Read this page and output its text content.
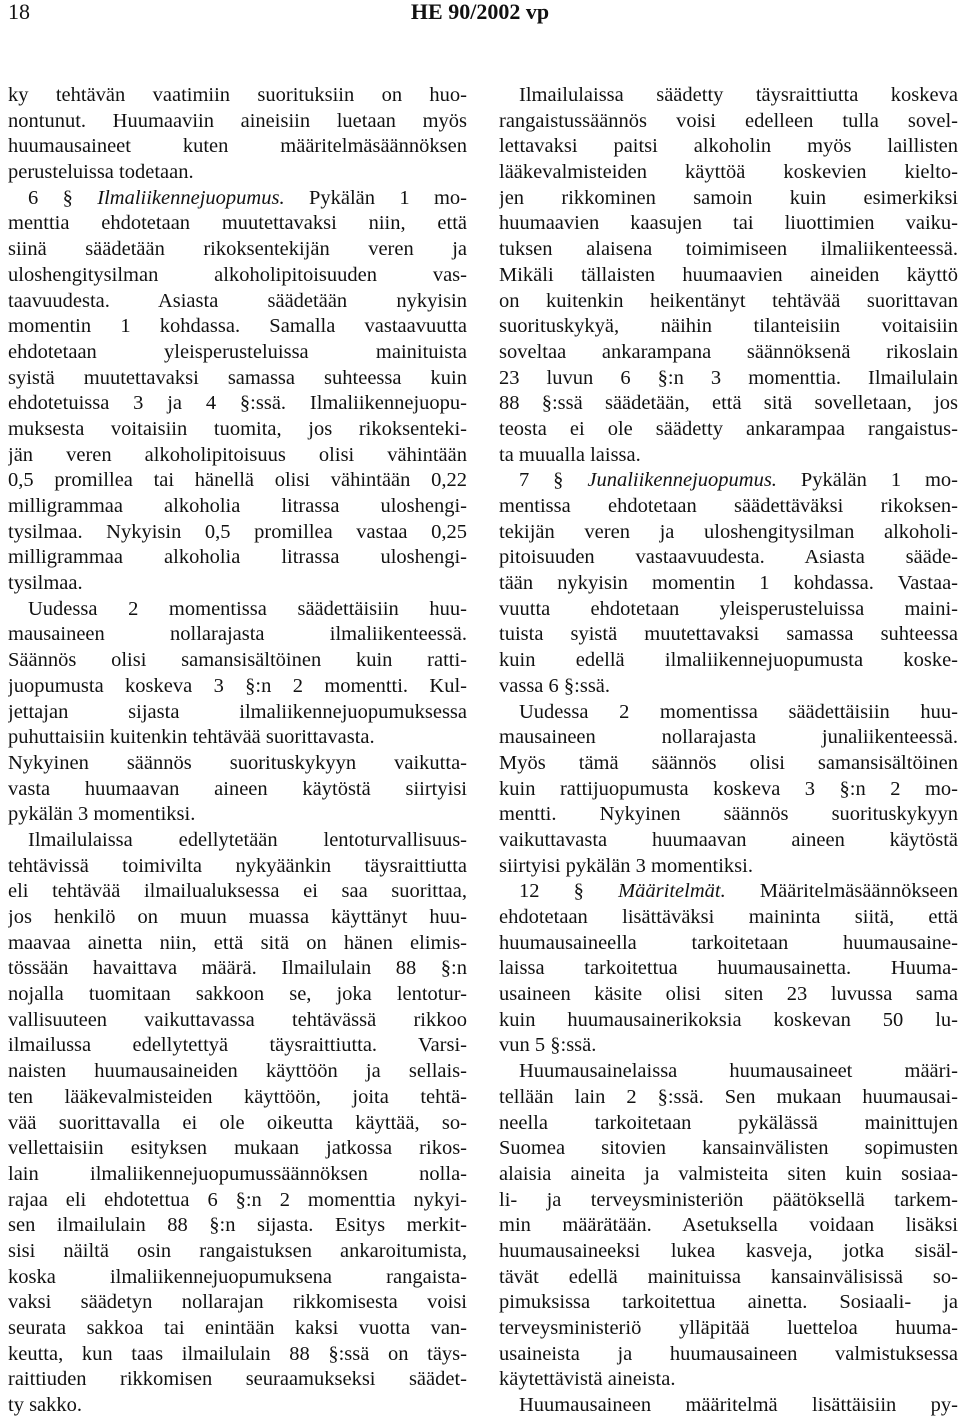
18	HE 90/2002 vp
ky tehtävän vaatimiin suorituksiin on huo-
nontunut. Huumaaviin aineisiin luetaan myös
huumausaineet kuten määritelmäsäännöksen
perusteluissa todetaan.
6 § Ilmaliikennejuopumus. Pykälän 1 mo-
menttia ehdotetaan muutettavaksi niin, että
siinä säädetään rikoksentekijän veren ja
uloshengitysilman alkoholipitoisuuden vas-
taavuudesta. Asiasta säädetään nykyisin
momentin 1 kohdassa. Samalla vastaavuutta
ehdotetaan yleisperusteluissa mainituista
syistä muutettavaksi samassa suhteessa kuin
ehdotetuissa 3 ja 4 §:ssä. Ilmaliikennejuopu-
muksesta voitaisiin tuomita, jos rikoksenteki-
jän veren alkoholipitoisuus olisi vähintään
0,5 promillea tai hänellä olisi vähintään 0,22
milligrammaa alkoholia litrassa uloshengi-
tysilmaa. Nykyisin 0,5 promillea vastaa 0,25
milligrammaa alkoholia litrassa uloshengi-
tysilmaa.
Uudessa 2 momentissa säädettäisiin huu-
mausaineen nollarajasta ilmaliikenteessä.
Säännös olisi samansisältöinen kuin ratti-
juopumusta koskeva 3 §:n 2 momentti. Kul-
jettajan sijasta ilmaliikennejuopumuksessa
puhuttaisiin kuitenkin tehtävää suorittavasta.
Nykyinen säännös suorituskykyyn vaikutta-
vasta huumaavan aineen käytöstä siirtyisi
pykälän 3 momentiksi.
Ilmailulaissa edellytetään lentoturvallisuus-
tehtävissä toimivilta nykyäänkin täysraittiutta
eli tehtävää ilmailualuksessa ei saa suorittaa,
jos henkilö on muun muassa käyttänyt huu-
maavaa ainetta niin, että sitä on hänen elimis-
tössään havaittava määrä. Ilmailulain 88 §:n
nojalla tuomitaan sakkoon se, joka lentotur-
vallisuuteen vaikuttavassa tehtävässä rikkoo
ilmailussa edellytettyä täysraittiutta. Varsi-
naisten huumausaineiden käyttöön ja sellais-
ten lääkevalmisteiden käyttöön, joita tehtä-
vää suorittavalla ei ole oikeutta käyttää, so-
vellettaisiin esityksen mukaan jatkossa rikos-
lain ilmaliikennejuopumussäännöksen nolla-
rajaa eli ehdotettua 6 §:n 2 momenttia nykyi-
sen ilmailulain 88 §:n sijasta. Esitys merkit-
sisi näiltä osin rangaistuksen ankaroitumista,
koska ilmaliikennejuopumuksena rangaista-
vaksi säädetyn nollarajan rikkomisesta voisi
seurata sakkoa tai enintään kaksi vuotta van-
keutta, kun taas ilmailulain 88 §:ssä on täys-
raittiuden rikkomisen seuraamukseksi säädet-
ty sakko.
Ilmailulaissa säädetty täysraittiutta koskeva
rangaistussäännös voisi edelleen tulla sovel-
lettavaksi paitsi alkoholin myös laillisten
lääkevalmisteiden käyttöä koskevien kielto-
jen rikkominen samoin kuin esimerkiksi
huumaavien kaasujen tai liuottimien vaiku-
tuksen alaisena toimimiseen ilmaliikenteessä.
Mikäli tällaisten huumaavien aineiden käyttö
on kuitenkin heikentänyt tehtävää suorittavan
suorituskykyä, näihin tilanteisiin voitaisiin
soveltaa ankarampana säännöksenä rikoslain
23 luvun 6 §:n 3 momenttia. Ilmailulain
88 §:ssä säädetään, että sitä sovelletaan, jos
teosta ei ole säädetty ankarampaa rangaistus-
ta muualla laissa.
7 § Junaliikennejuopumus. Pykälän 1 mo-
mentissa ehdotetaan säädettäväksi rikoksen-
tekijän veren ja uloshengitysilman alkoholi-
pitoisuuden vastaavuudesta. Asiasta sääde-
tään nykyisin momentin 1 kohdassa. Vastaa-
vuutta ehdotetaan yleisperusteluissa maini-
tuista syistä muutettavaksi samassa suhteessa
kuin edellä ilmaliikennejuopumusta koske-
vassa 6 §:ssä.
Uudessa 2 momentissa säädettäisiin huu-
mausaineen nollarajasta junaliikenteessä.
Myös tämä säännös olisi samansisältöinen
kuin rattijuopumusta koskeva 3 §:n 2 mo-
mentti. Nykyinen säännös suorituskykyyn
vaikuttavasta huumaavan aineen käytöstä
siirtyisi pykälän 3 momentiksi.
12 § Määritelmät. Määritelmäsäännökseen
ehdotetaan lisättäväksi maininta siitä, että
huumausaineella tarkoitetaan huumausaine-
laissa tarkoitettua huumausainetta. Huuma-
usaineen käsite olisi siten 23 luvussa sama
kuin huumausainerikoksia koskevan 50 lu-
vun 5 §:ssä.
Huumausainelaissa huumausaineet määri-
tellään lain 2 §:ssä. Sen mukaan huumausai-
neella tarkoitetaan pykälässä mainittujen
Suomea sitovien kansainvälisten sopimusten
alaisia aineita ja valmisteita siten kuin sosiaa-
li- ja terveysministeriön päätöksellä tarkem-
min määrätään. Asetuksella voidaan lisäksi
huumausaineeksi lukea kasveja, jotka sisäl-
tävät edellä mainituissa kansainvälisissä so-
pimuksissa tarkoitettua ainetta. Sosiaali- ja
terveysministeriö ylläpitää luetteloa huuma-
usaineista ja huumausaineen valmistuksessa
käytettävistä aineista.
Huumausaineen määritelmä lisättäisiin py-
